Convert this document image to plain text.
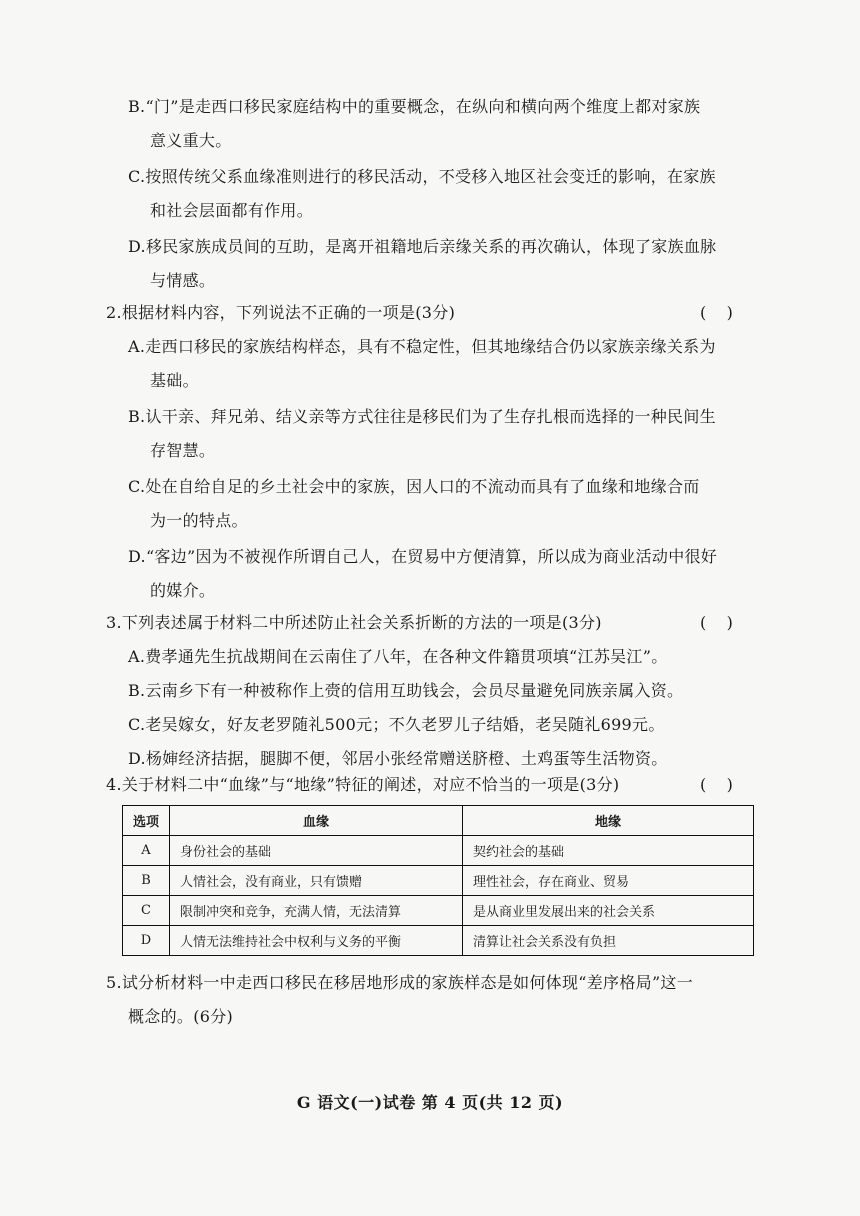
B.“门”是走西口移民家庭结构中的重要概念，在纵向和横向两个维度上都对家族
意义重大。
C.按照传统父系血缘准则进行的移民活动，不受移入地区社会变迁的影响，在家族
和社会层面都有作用。
D.移民家族成员间的互助，是离开祖籍地后亲缘关系的再次确认，体现了家族血脉
与情感。
2.根据材料内容，下列说法不正确的一项是(3分)	(    )
A.走西口移民的家族结构样态，具有不稳定性，但其地缘结合仍以家族亲缘关系为
基础。
B.认干亲、拜兄弟、结义亲等方式往往是移民们为了生存扎根而选择的一种民间生
存智慧。
C.处在自给自足的乡土社会中的家族，因人口的不流动而具有了血缘和地缘合而
为一的特点。
D.“客边”因为不被视作所谓自己人，在贸易中方便清算，所以成为商业活动中很好
的媒介。
3.下列表述属于材料二中所述防止社会关系折断的方法的一项是(3分)	(    )
A.费孝通先生抗战期间在云南住了八年，在各种文件籍贯项填“江苏吴江”。
B.云南乡下有一种被称作上赍的信用互助钱会，会员尽量避免同族亲属入资。
C.老吴嫁女，好友老罗随礼500元；不久老罗儿子结婚，老吴随礼699元。
D.杨婶经济拮据，腿脚不便，邻居小张经常赠送脐橙、土鸡蛋等生活物资。
4.关于材料二中“血缘”与“地缘”特征的阐述，对应不恰当的一项是(3分)	(    )
选项	血缘	地缘
A	身份社会的基础	契约社会的基础
B	人情社会，没有商业，只有馈赠	理性社会，存在商业、贸易
C	限制冲突和竞争，充满人情，无法清算	是从商业里发展出来的社会关系
D	人情无法维持社会中权利与义务的平衡	清算让社会关系没有负担
5.试分析材料一中走西口移民在移居地形成的家族样态是如何体现“差序格局”这一
概念的。(6分)
G 语文(一)试卷 第 4 页(共 12 页)
